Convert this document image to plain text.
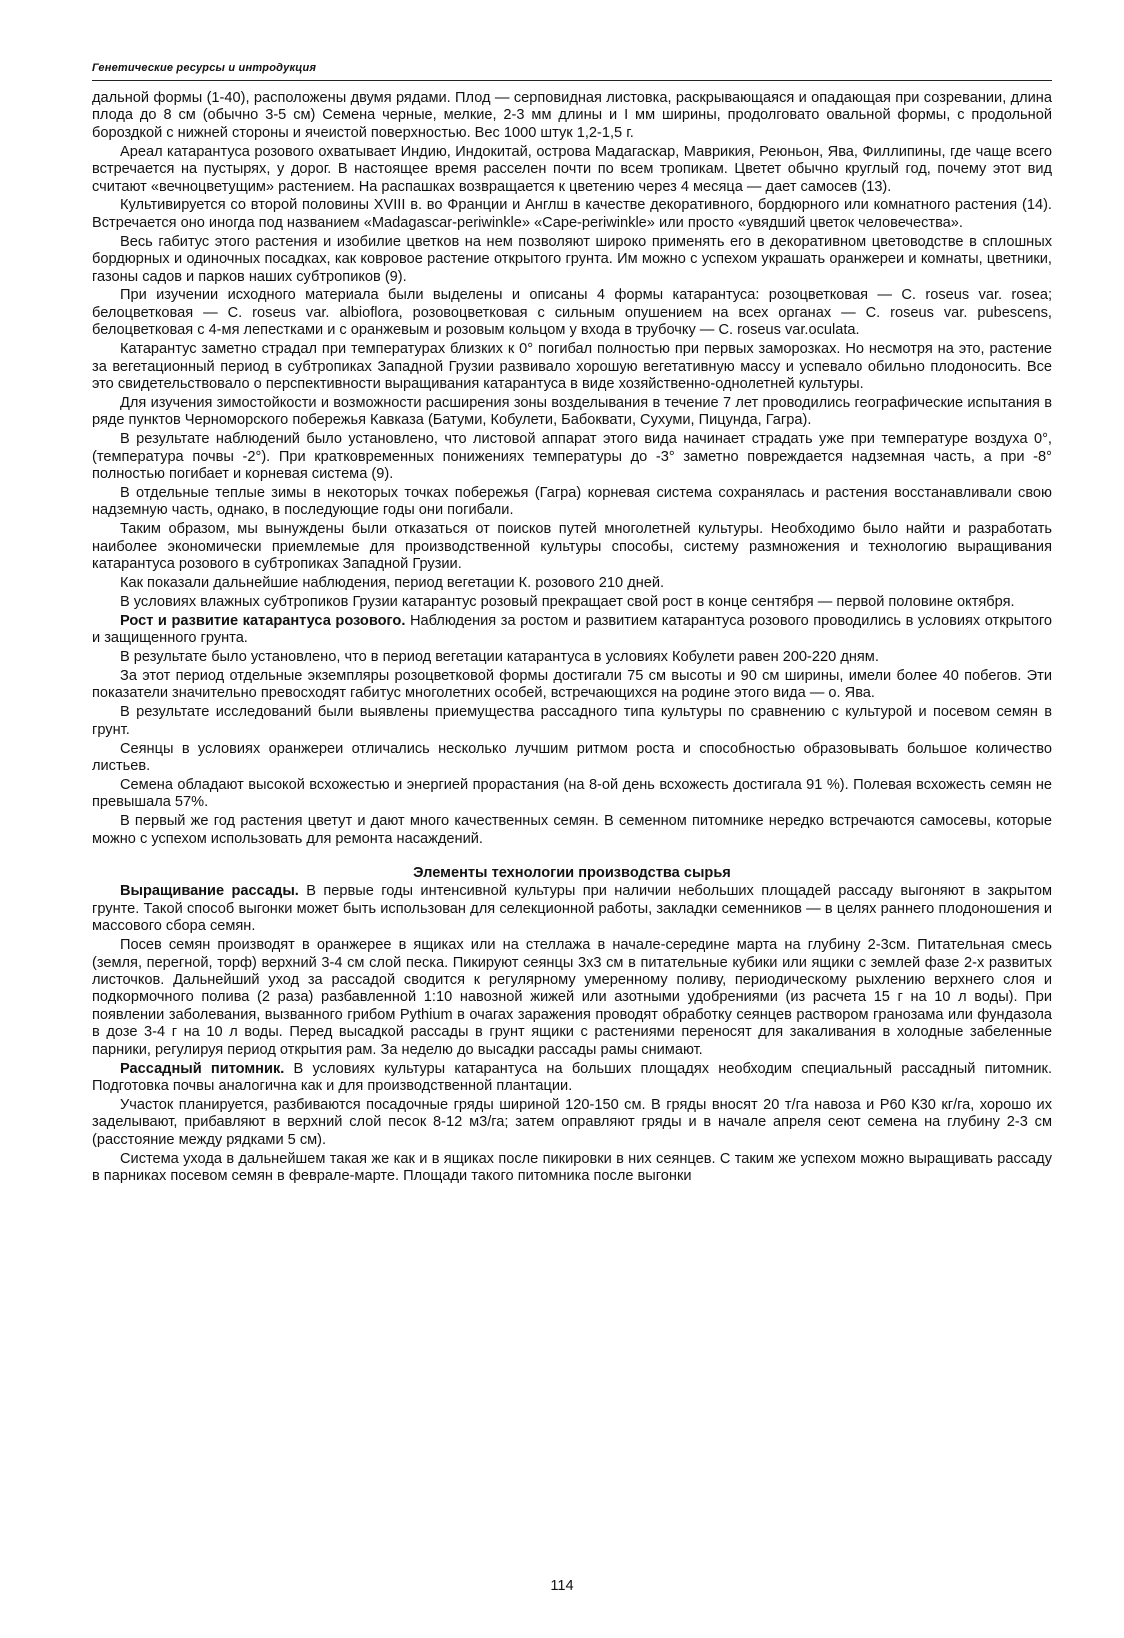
Генетические ресурсы и интродукция

дальной формы (1-40), расположены двумя рядами. Плод — серповидная листовка, раскрывающаяся и опадающая при созревании, длина плода до 8 см (обычно 3-5 см) Семена черные, мелкие, 2-3 мм длины и I мм ширины, продолговато овальной формы, с продольной бороздкой с нижней стороны и ячеистой поверхностью. Вес 1000 штук 1,2-1,5 г.

Ареал катарантуса розового охватывает Индию, Индокитай, острова Мадагаскар, Маврикия, Реюньон, Ява, Филлипины, где чаще всего встречается на пустырях, у дорог. В настоящее время расселен почти по всем тропикам. Цветет обычно круглый год, почему этот вид считают «вечноцветущим» растением. На распашках возвращается к цветению через 4 месяца — дает самосев (13).

Культивируется со второй половины XVIII в. во Франции и Англш в качестве декоративного, бордюрного или комнатного растения (14). Встречается оно иногда под названием «Madagascar-periwinkle» «Cape-periwinkle» или просто «увядший цветок человечества».

Весь габитус этого растения и изобилие цветков на нем позволяют широко применять его в декоративном цветоводстве в сплошных бордюрных и одиночных посадках, как ковровое растение открытого грунта. Им можно с успехом украшать оранжереи и комнаты, цветники, газоны садов и парков наших субтропиков (9).

При изучении исходного материала были выделены и описаны 4 формы катарантуса: розоцветковая — С. roseus var. rosea; белоцветковая — С. roseus var. albioflora, розовоцветковая с сильным опушением на всех органах — С. roseus var. pubescens, белоцветковая с 4-мя лепестками и с оранжевым и розовым кольцом у входа в трубочку — С. roseus var.oculata.

Катарантус заметно страдал при температурах близких к 0° погибал полностью при первых заморозках. Но несмотря на это, растение за вегетационный период в субтропиках Западной Грузии развивало хорошую вегетативную массу и успевало обильно плодоносить. Все это свидетельствовало о перспективности выращивания катарантуса в виде хозяйственно-однолетней культуры.

Для изучения зимостойкости и возможности расширения зоны возделывания в течение 7 лет проводились географические испытания в ряде пунктов Черноморского побережья Кавказа (Батуми, Кобулети, Бабоквати, Сухуми, Пицунда, Гагра).

В результате наблюдений было установлено, что листовой аппарат этого вида начинает страдать уже при температуре воздуха 0°, (температура почвы -2°). При кратковременных понижениях температуры до -3° заметно повреждается надземная часть, а при -8° полностью погибает и корневая система (9).

В отдельные теплые зимы в некоторых точках побережья (Гагра) корневая система сохранялась и растения восстанавливали свою надземную часть, однако, в последующие годы они погибали.

Таким образом, мы вынуждены были отказаться от поисков путей многолетней культуры. Необходимо было найти и разработать наиболее экономически приемлемые для производственной культуры способы, систему размножения и технологию выращивания катарантуса розового в субтропиках Западной Грузии.

Как показали дальнейшие наблюдения, период вегетации К. розового 210 дней.

В условиях влажных субтропиков Грузии катарантус розовый прекращает свой рост в конце сентября — первой половине октября.

Рост и развитие катарантуса розового. Наблюдения за ростом и развитием катарантуса розового проводились в условиях открытого и защищенного грунта.

В результате было установлено, что в период вегетации катарантуса в условиях Кобулети равен 200-220 дням.

За этот период отдельные экземпляры розоцветковой формы достигали 75 см высоты и 90 см ширины, имели более 40 побегов. Эти показатели значительно превосходят габитус многолетних особей, встречающихся на родине этого вида — о. Ява.

В результате исследований были выявлены приемущества рассадного типа культуры по сравнению с культурой и посевом семян в грунт.

Сеянцы в условиях оранжереи отличались несколько лучшим ритмом роста и способностью образовывать большое количество листьев.

Семена обладают высокой всхожестью и энергией прорастания (на 8-ой день всхожесть достигала 91 %). Полевая всхожесть семян не превышала 57%.

В первый же год растения цветут и дают много качественных семян. В семенном питомнике нередко встречаются самосевы, которые можно с успехом использовать для ремонта насаждений.

Элементы технологии производства сырья

Выращивание рассады. В первые годы интенсивной культуры при наличии небольших площадей рассаду выгоняют в закрытом грунте. Такой способ выгонки может быть использован для селекционной работы, закладки семенников — в целях раннего плодоношения и массового сбора семян.

Посев семян производят в оранжерее в ящиках или на стеллажа в начале-середине марта на глубину 2-3см. Питательная смесь (земля, перегной, торф) верхний 3-4 см слой песка. Пикируют сеянцы 3x3 см в питательные кубики или ящики с землей фазе 2-х развитых листочков. Дальнейший уход за рассадой сводится к регулярному умеренному поливу, периодическому рыхлению верхнего слоя и подкормочного полива (2 раза) разбавленной 1:10 навозной жижей или азотными удобрениями (из расчета 15 г на 10 л воды). При появлении заболевания, вызванного грибом Pythium в очагах заражения проводят обработку сеянцев раствором гранозама или фундазола в дозе 3-4 г на 10 л воды. Перед высадкой рассады в грунт ящики с растениями переносят для закаливания в холодные забеленные парники, регулируя период открытия рам. За неделю до высадки рассады рамы снимают.

Рассадный питомник. В условиях культуры катарантуса на больших площадях необходим специальный рассадный питомник. Подготовка почвы аналогична как и для производственной плантации.

Участок планируется, разбиваются посадочные гряды шириной 120-150 см. В гряды вносят 20 т/га навоза и Р60 К30 кг/га, хорошо их заделывают, прибавляют в верхний слой песок 8-12 м3/га; затем оправляют гряды и в начале апреля сеют семена на глубину 2-3 см (расстояние между рядками 5 см).

Система ухода в дальнейшем такая же как и в ящиках после пикировки в них сеянцев. С таким же успехом можно выращивать рассаду в парниках посевом семян в феврале-марте. Площади такого питомника после выгонки

114
